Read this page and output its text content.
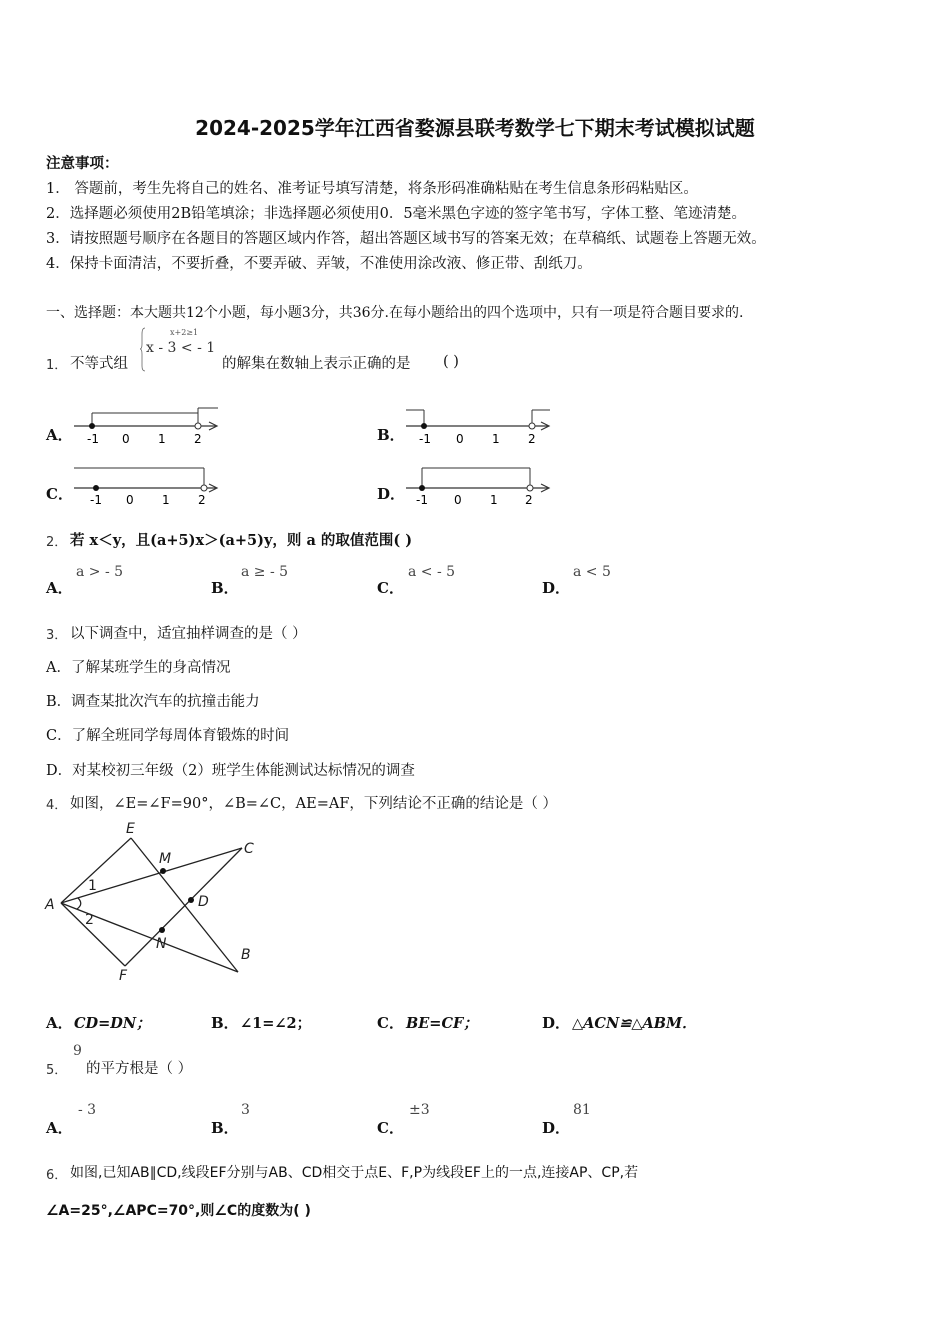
2024-2025学年江西省婺源县联考数学七下期末考试模拟试题
注意事项：
1． 答题前，考生先将自己的姓名、准考证号填写清楚，将条形码准确粘贴在考生信息条形码粘贴区。
2．选择题必须使用2B铅笔填涂；非选择题必须使用0．5毫米黑色字迹的签字笔书写，字体工整、笔迹清楚。
3．请按照题号顺序在各题目的答题区域内作答，超出答题区域书写的答案无效；在草稿纸、试题卷上答题无效。
4．保持卡面清洁，不要折叠，不要弄破、弄皱，不准使用涂改液、修正带、刮纸刀。
一、选择题：本大题共12个小题，每小题3分，共36分.在每小题给出的四个选项中，只有一项是符合题目要求的.
1． 不等式组
x+2≥1
x - 3 < - 1
的解集在数轴上表示正确的是 ( )
A． -1 0 1 2	B． -1 0 1 2
C． -1 0 1 2	D． -1 0 1 2
2． 若 x＜y，且(a+5)x＞(a+5)y，则 a 的取值范围( )
A．
a > - 5
B．
a ≥ - 5
C．
a < - 5
D．
a < 5
3． 以下调查中，适宜抽样调查的是（ ）
A．了解某班学生的身高情况
B．调查某批次汽车的抗撞击能力
C．了解全班同学每周体育锻炼的时间
D．对某校初三年级（2）班学生体能测试达标情况的调查
4． 如图，∠E=∠F=90°，∠B=∠C，AE=AF，下列结论不正确的结论是（ ）
E
M
C
A
1
D
2
N
B
F
A． CD=DN；	B． ∠1=∠2；	C． BE=CF；	D． △ACN≌△ABM．
5．
9
的平方根是（ ）
A．
- 3
B．
3
C．
±3
D．
81
6． 如图,已知AB∥CD,线段EF分别与AB、CD相交于点E、F,P为线段EF上的一点,连接AP、CP,若
∠A=25°,∠APC=70°,则∠C的度数为( )
